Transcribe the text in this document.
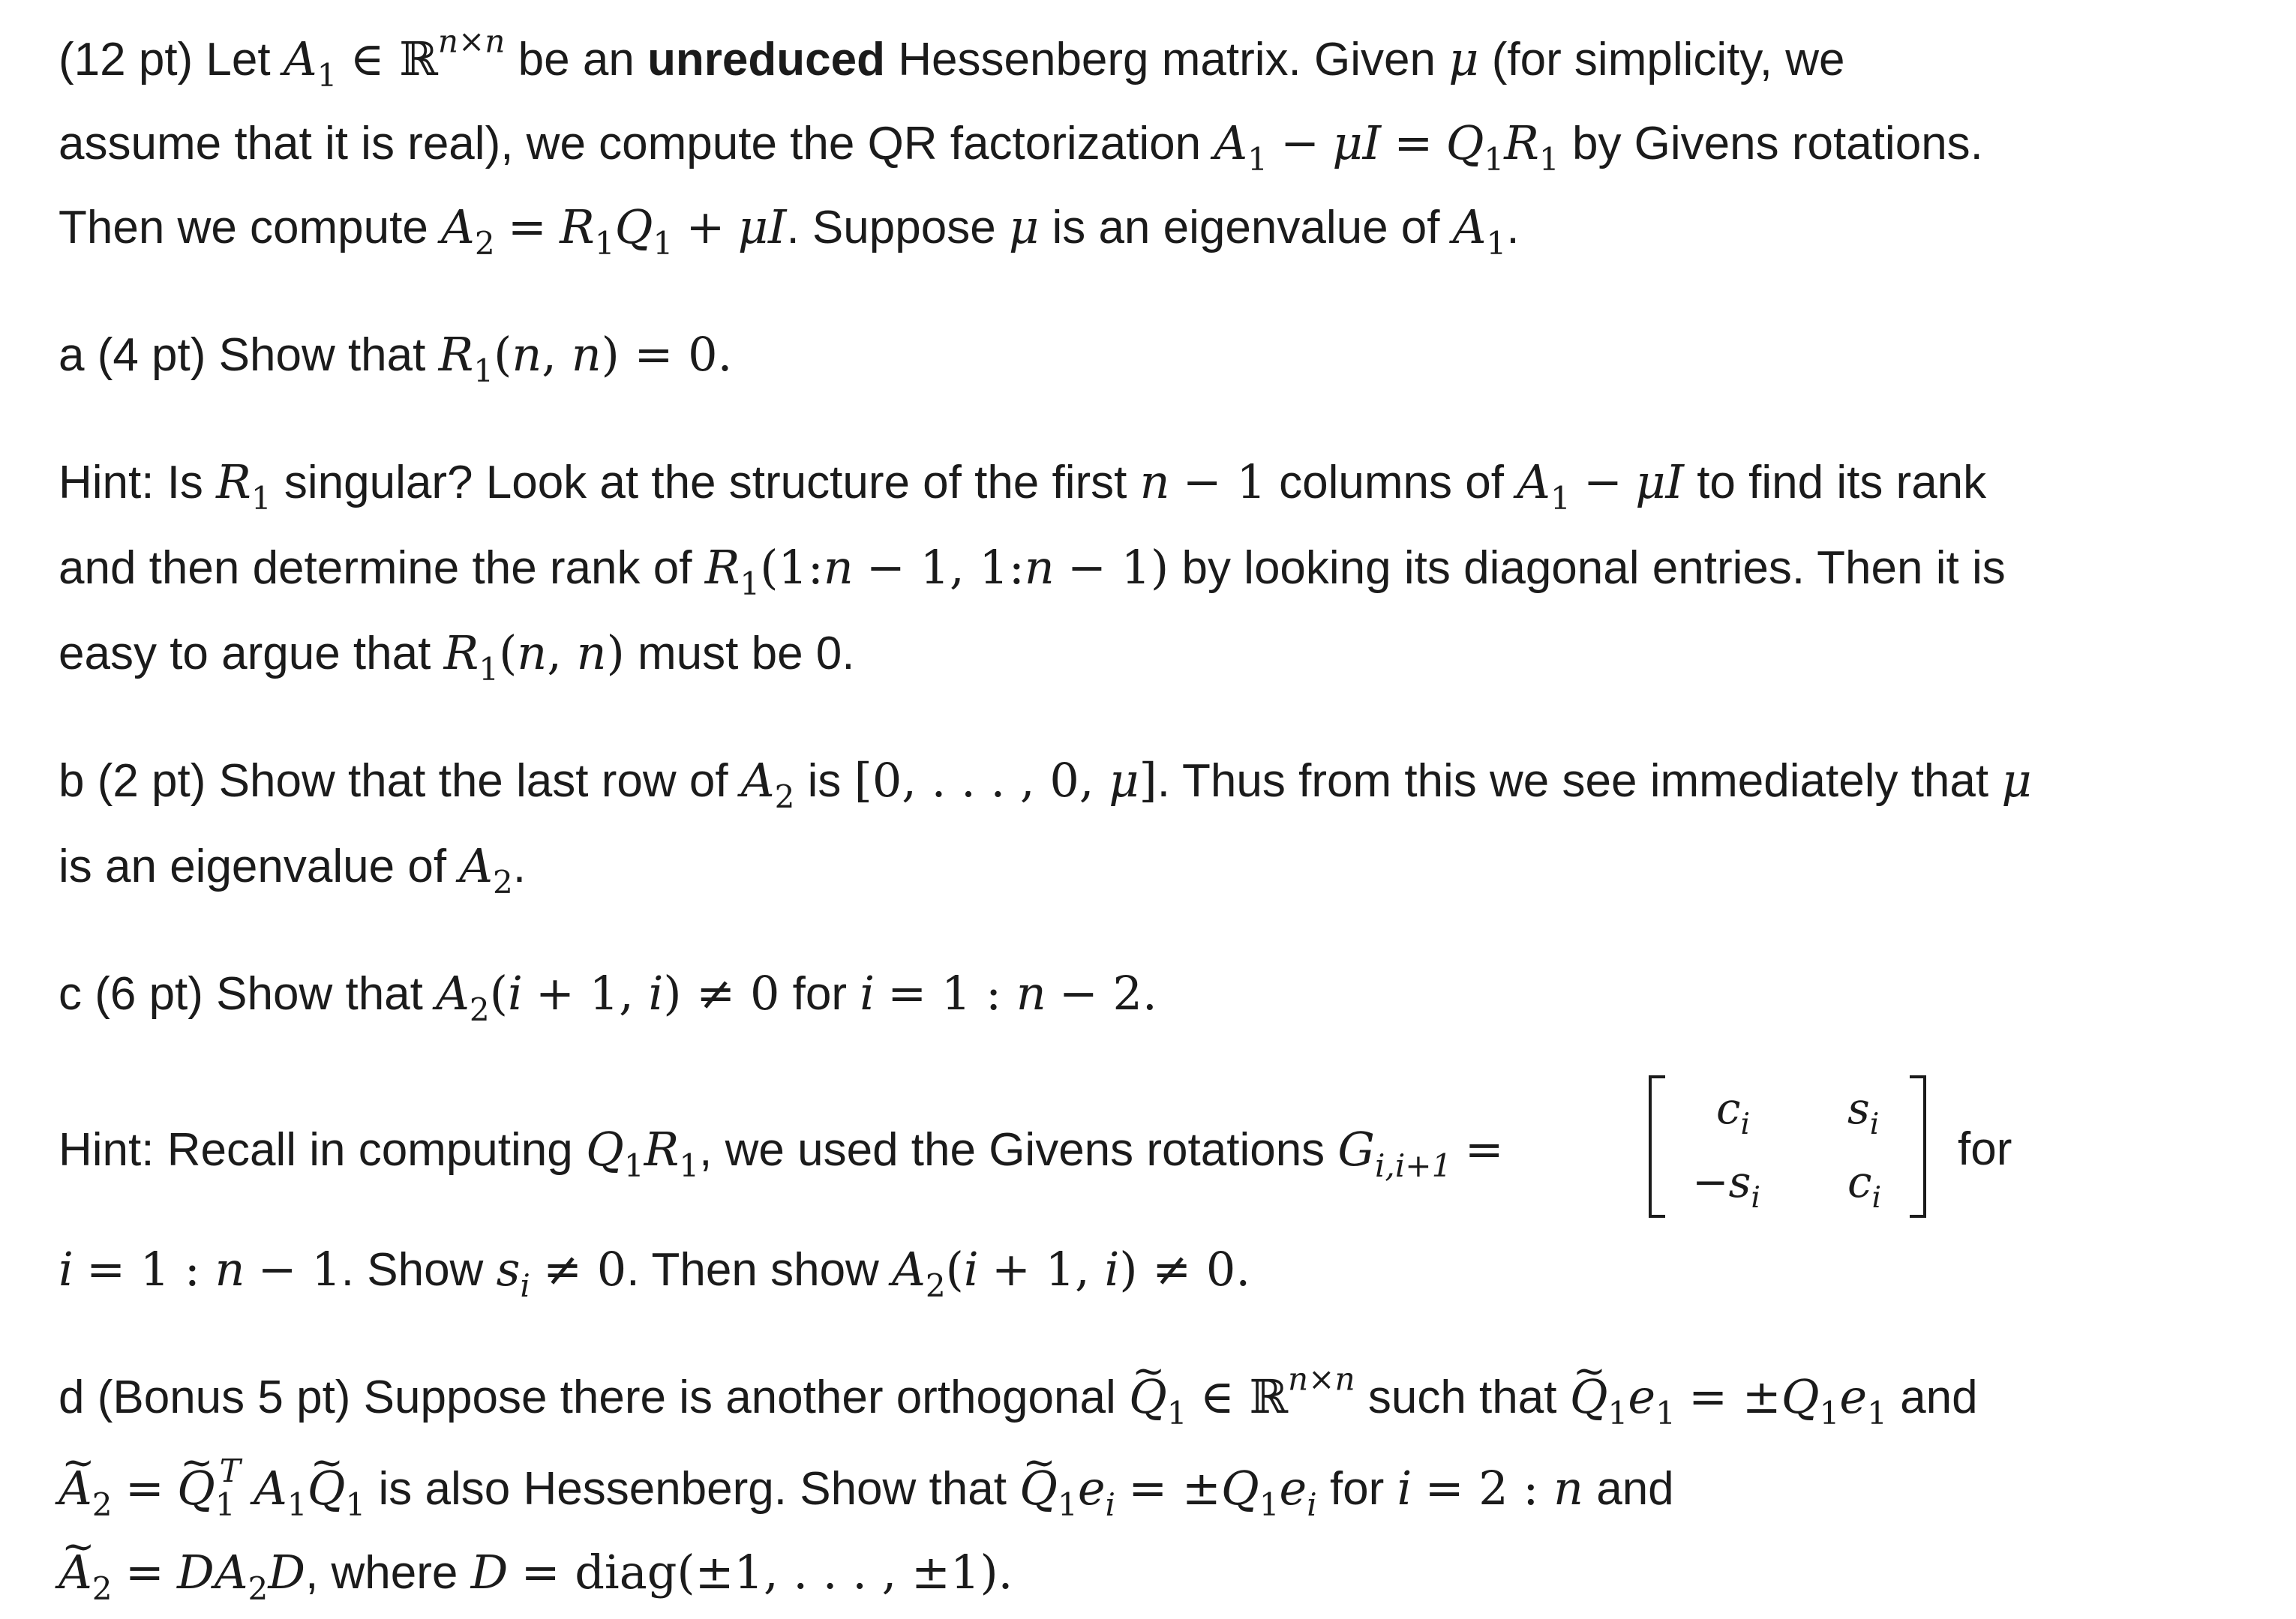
(12 pt) Let $A_1$ ∈ ℝ$^{n\times n}$ be an unreduced Hessenberg matrix. Given μ (for simplicity, we
assume that it is real), we compute the QR factorization $A_1 - \mu I = Q_1R_1$ by Givens rotations.
Then we compute $A_2 = R_1Q_1 + \mu I$. Suppose μ is an eigenvalue of $A_1$.
a (4 pt) Show that $R_1(n$, n) = 0.
Hint: Is $R_1$ singular? Look at the structure of the first n − 1 columns of $A_1 - \mu I$ to find its rank
and then determine the rank of $R_1(1:n - 1$, 1:n − 1) by looking its diagonal entries. Then it is
easy to argue that $R_1(n$, n) must be 0.
b (2 pt) Show that the last row of $A_2$ is [0, . . . , 0, μ]. Thus from this we see immediately that μ
is an eigenvalue of $A_2$.
c (6 pt) Show that $A_2(i + 1$, i) ≠ 0 for i = 1 : n − 2.
Hint: Recall in computing $Q_1R_1$, we used the Givens rotations $G_{i,i+1}$ =
$c_i$ $s_i$
$-s_i$ $c_i$
for
i = 1 : n − 1. Show $s_i \ne 0$. Then show $A_2(i + 1$, i) ≠ 0.
d (Bonus 5 pt) Suppose there is another orthogonal ~ $Q_1$ ∈ ℝ$^{n\times n}$ such that ~ $Q_1e_1 = \pm Q_1e_1$ and
~ $A_2$ = ~ $Q_1^T$ $A_1\sim$ $Q_1$ is also Hessenberg. Show that ~ $Q_1e_i = \pm Q_1e_i$ for i = 2 : n and
~ $A_2 = DA_2D$, where D = diag(±1, . . . , ±1).
